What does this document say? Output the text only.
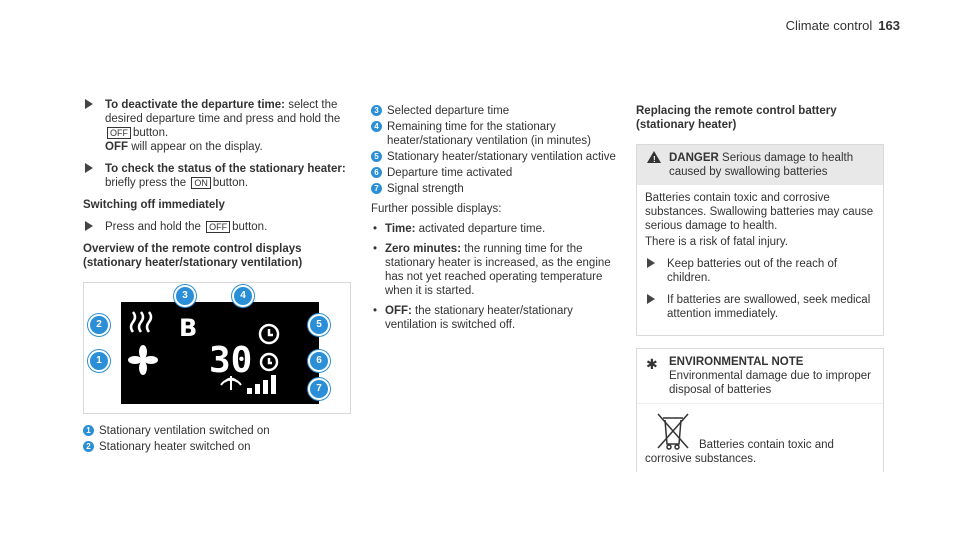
Climate control 163
To deactivate the departure time: select the desired departure time and press and hold the OFF button.
OFF will appear on the display.
To check the status of the stationary heater: briefly press the ON button.
Switching off immediately
Press and hold the OFF button.
Overview of the remote control displays (stationary heater/stationary ventilation)
B
30
3	4
2
1
5
6
7
1 Stationary ventilation switched on
2 Stationary heater switched on
3 Selected departure time
4 Remaining time for the stationary heater/stationary ventilation (in minutes)
5 Stationary heater/stationary ventilation active
6 Departure time activated
7 Signal strength
Further possible displays:
• Time: activated departure time.
• Zero minutes: the running time for the stationary heater is increased, as the engine has not yet reached operating temperature when it is started.
• OFF: the stationary heater/stationary ventilation is switched off.
Replacing the remote control battery (stationary heater)
! DANGER Serious damage to health caused by swallowing batteries
Batteries contain toxic and corrosive substances. Swallowing batteries may cause serious damage to health.
There is a risk of fatal injury.
Keep batteries out of the reach of children.
If batteries are swallowed, seek medical attention immediately.
✱ ENVIRONMENTAL NOTE Environmental damage due to improper disposal of batteries
Batteries contain toxic and corrosive substances.
